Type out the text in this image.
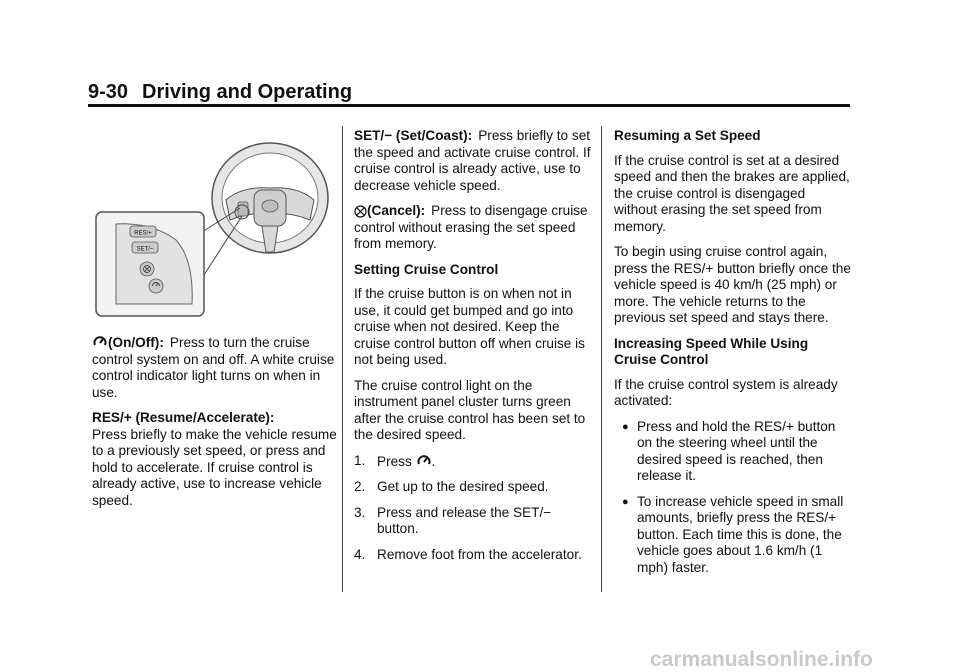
9-30 Driving and Operating
RES/+
SET/−

(On/Off): Press to turn the cruise control system on and off. A white cruise control indicator light turns on when in use.

RES/+ (Resume/Accelerate):
Press briefly to make the vehicle resume to a previously set speed, or press and hold to accelerate. If cruise control is already active, use to increase vehicle speed.

SET/− (Set/Coast): Press briefly to set the speed and activate cruise control. If cruise control is already active, use to decrease vehicle speed.

(Cancel): Press to disengage cruise control without erasing the set speed from memory.

Setting Cruise Control

If the cruise button is on when not in use, it could get bumped and go into cruise when not desired. Keep the cruise control button off when cruise is not being used.

The cruise control light on the instrument panel cluster turns green after the cruise control has been set to the desired speed.

1. Press .
2. Get up to the desired speed.
3. Press and release the SET/− button.
4. Remove foot from the accelerator.

Resuming a Set Speed

If the cruise control is set at a desired speed and then the brakes are applied, the cruise control is disengaged without erasing the set speed from memory.

To begin using cruise control again, press the RES/+ button briefly once the vehicle speed is 40 km/h (25 mph) or more. The vehicle returns to the previous set speed and stays there.

Increasing Speed While Using Cruise Control

If the cruise control system is already activated:

● Press and hold the RES/+ button on the steering wheel until the desired speed is reached, then release it.
● To increase vehicle speed in small amounts, briefly press the RES/+ button. Each time this is done, the vehicle goes about 1.6 km/h (1 mph) faster.
carmanualsonline.info
